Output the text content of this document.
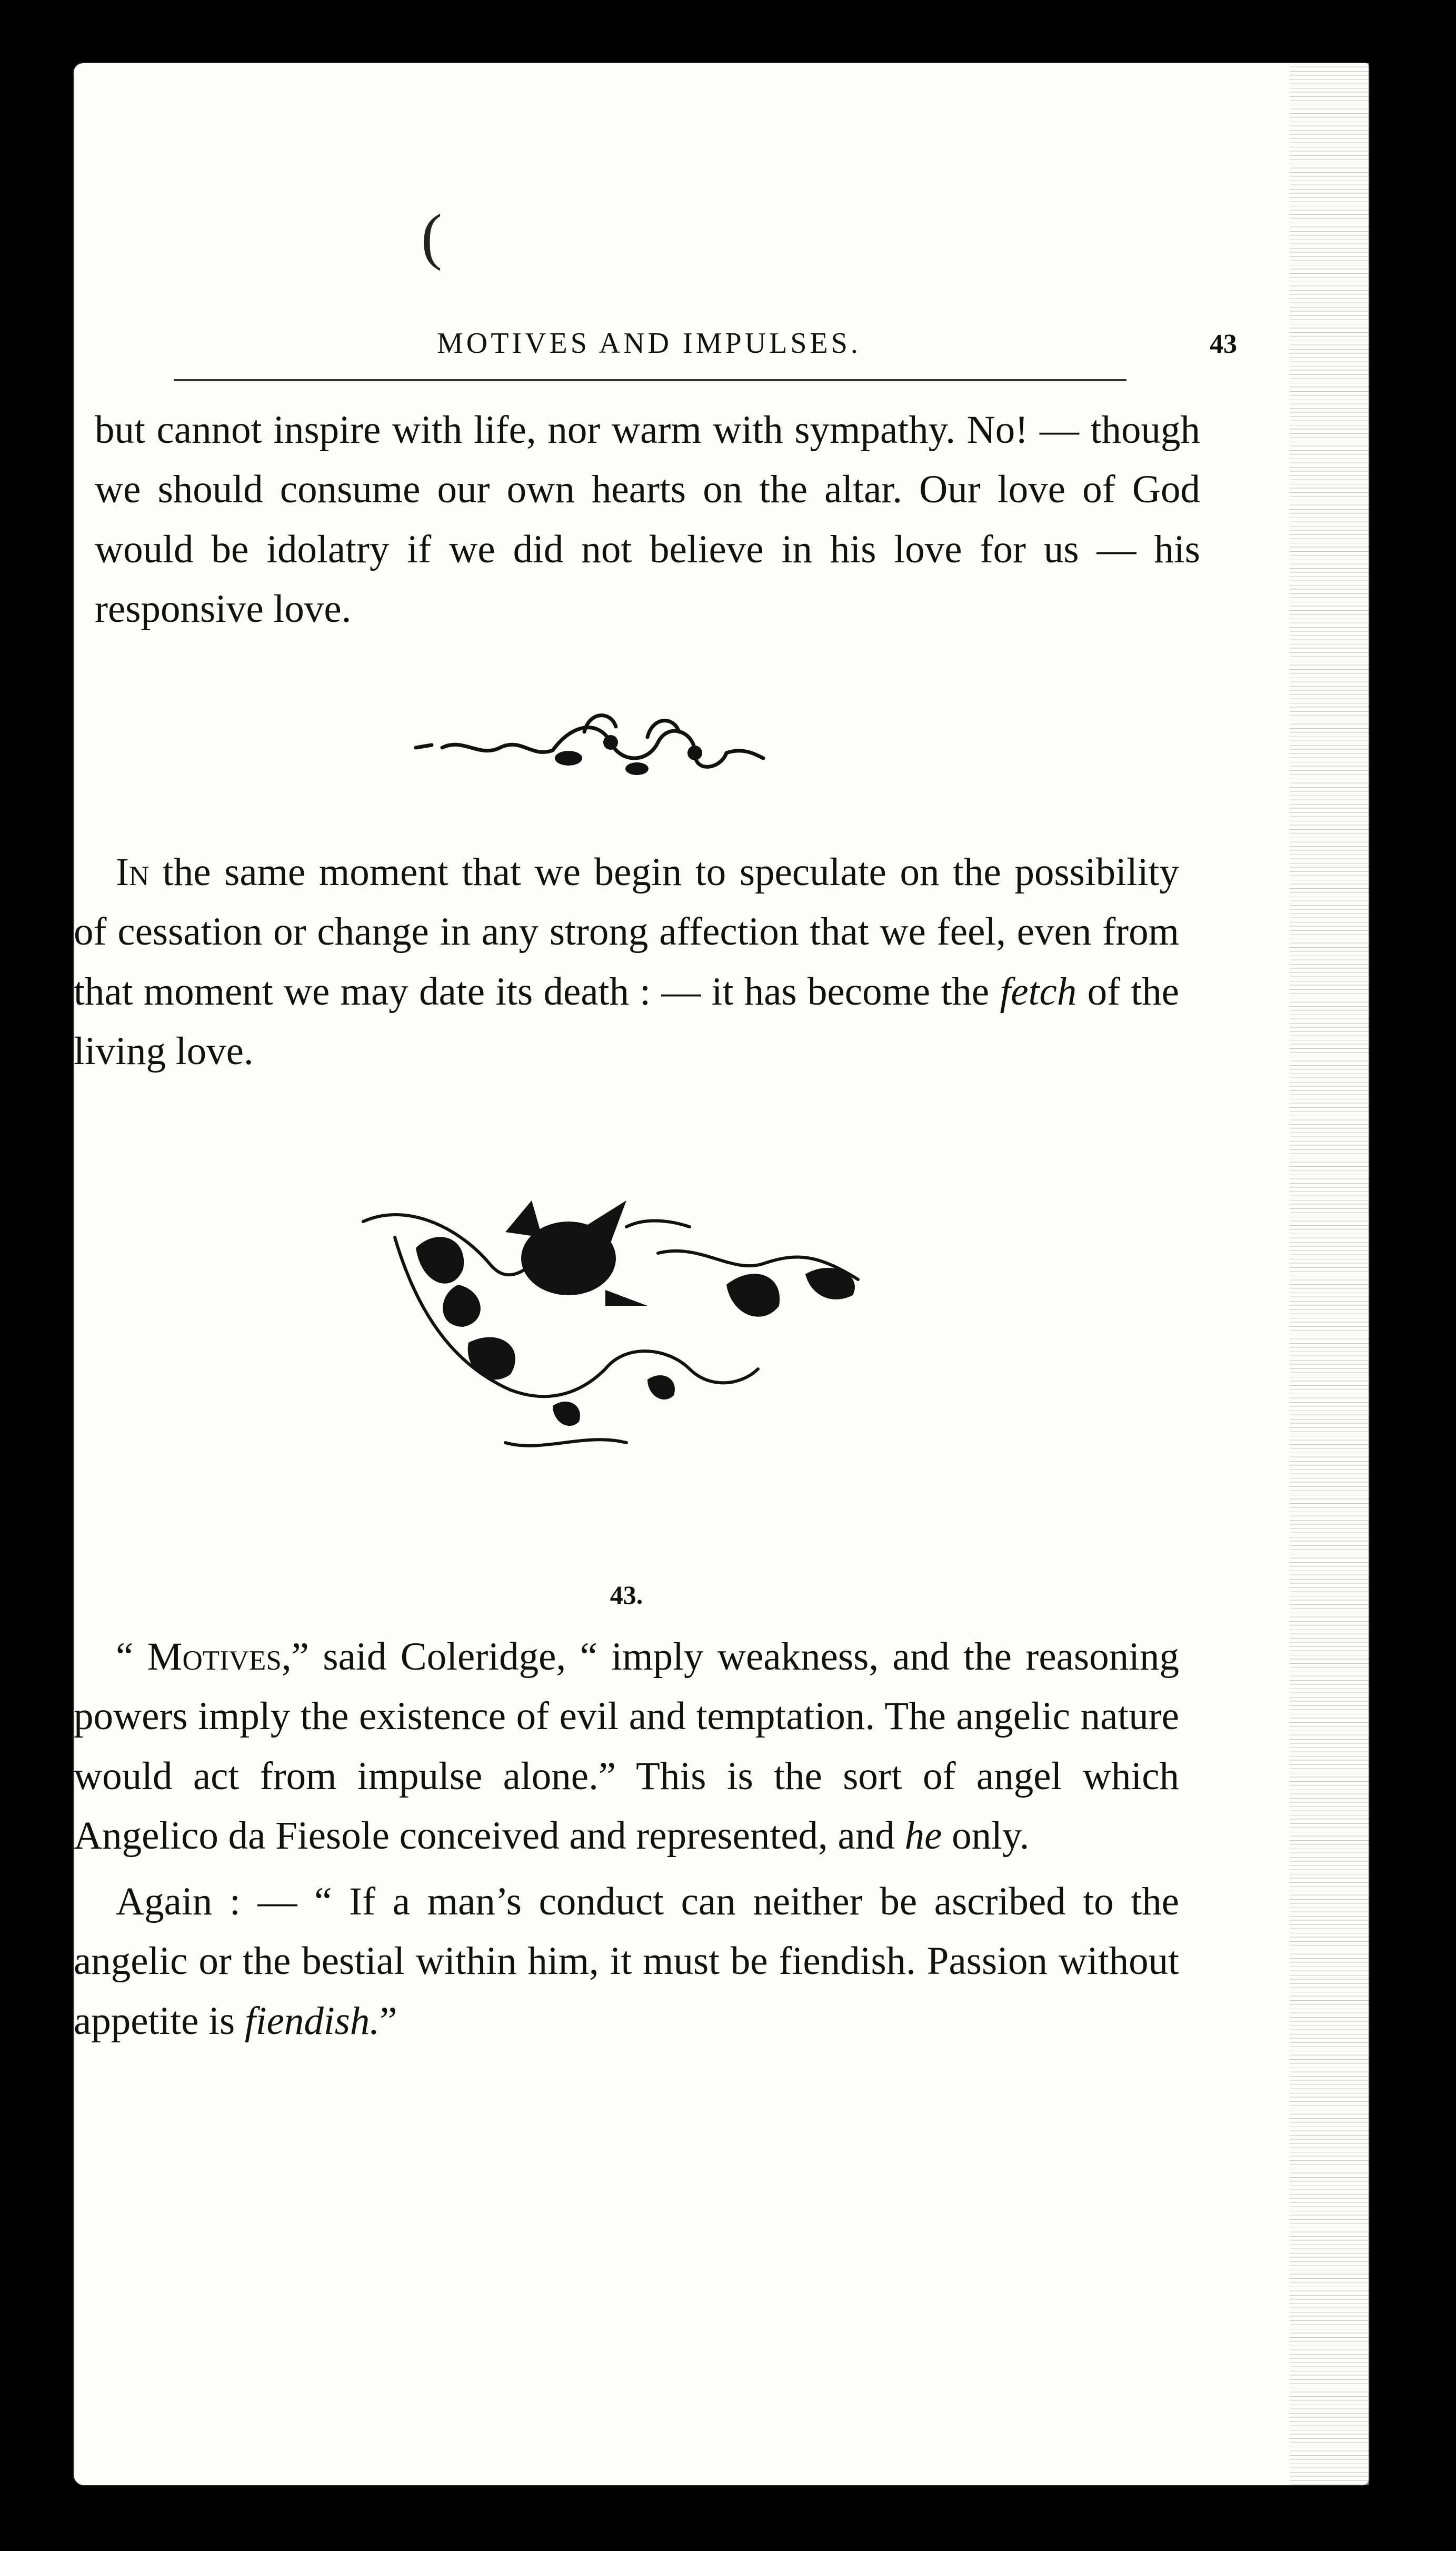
(
MOTIVES AND IMPULSES.	43

but cannot inspire with life, nor warm with sympathy. No! — though we should consume our own hearts on the altar. Our love of God would be idolatry if we did not believe in his love for us — his responsive love.

In the same moment that we begin to speculate on the possibility of cessation or change in any strong affection that we feel, even from that moment we may date its death : — it has become the fetch of the living love.

43.

“ Motives,” said Coleridge, “ imply weakness, and the reasoning powers imply the existence of evil and temptation. The angelic nature would act from impulse alone.” This is the sort of angel which Angelico da Fiesole conceived and represented, and he only.

Again : — “ If a man’s conduct can neither be ascribed to the angelic or the bestial within him, it must be fiendish. Passion without appetite is fiendish.”
